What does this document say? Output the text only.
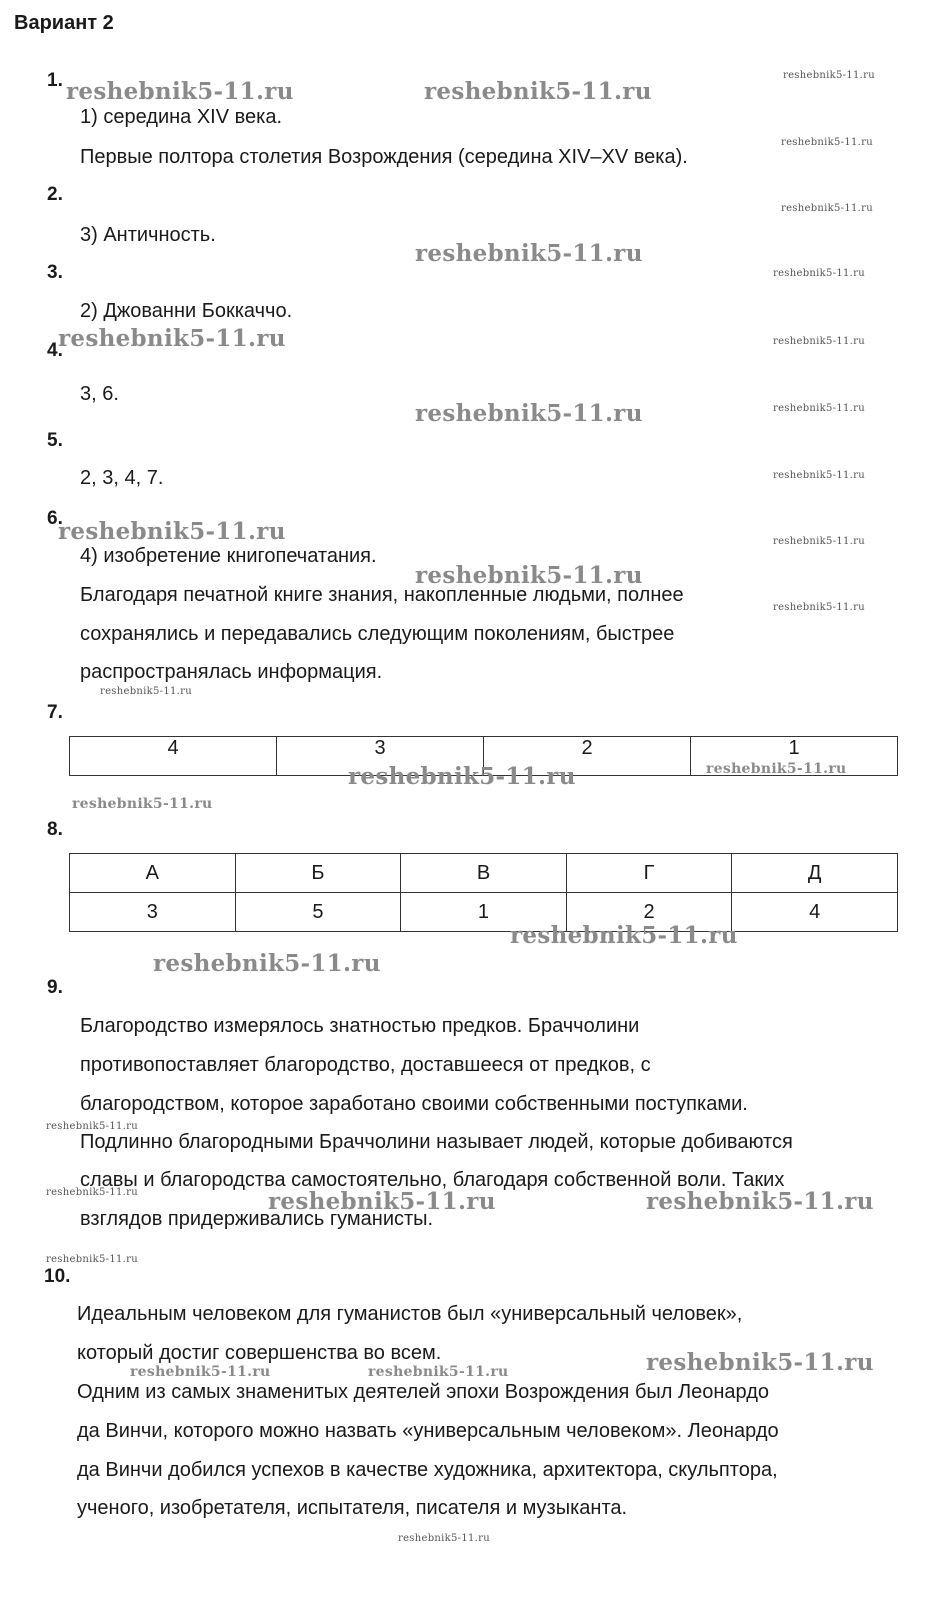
Вариант 2
1.
1) середина XIV века.
Первые полтора столетия Возрождения (середина XIV–XV века).
2.
3) Античность.
3.
2) Джованни Боккаччо.
4.
3, 6.
5.
2, 3, 4, 7.
6.
4) изобретение книгопечатания.
Благодаря печатной книге знания, накопленные людьми, полнее
сохранялись и передавались следующим поколениям, быстрее
распространялась информация.
7.
4	3	2	1
8.
А	Б	В	Г	Д
3	5	1	2	4
9.
Благородство измерялось знатностью предков. Браччолини
противопоставляет благородство, доставшееся от предков, с
благородством, которое заработано своими собственными поступками.
Подлинно благородными Браччолини называет людей, которые добиваются
славы и благородства самостоятельно, благодаря собственной воли. Таких
взглядов придерживались гуманисты.
10.
Идеальным человеком для гуманистов был «универсальный человек»,
который достиг совершенства во всем.
Одним из самых знаменитых деятелей эпохи Возрождения был Леонардо
да Винчи, которого можно назвать «универсальным человеком». Леонардо
да Винчи добился успехов в качестве художника, архитектора, скульптора,
ученого, изобретателя, испытателя, писателя и музыканта.
reshebnik5-11.ru	reshebnik5-11.ru
reshebnik5-11.ru
reshebnik5-11.ru
reshebnik5-11.ru
reshebnik5-11.ru
reshebnik5-11.ru
reshebnik5-11.ru	reshebnik5-11.ru
reshebnik5-11.ru	reshebnik5-11.ru
reshebnik5-11.ru
reshebnik5-11.ru	reshebnik5-11.ru
reshebnik5-11.ru
reshebnik5-11.ru
reshebnik5-11.ru
reshebnik5-11.ru	reshebnik5-11.ru
reshebnik5-11.ru
reshebnik5-11.ru
reshebnik5-11.ru
reshebnik5-11.ru
reshebnik5-11.ru	reshebnik5-11.ru	reshebnik5-11.ru
reshebnik5-11.ru
reshebnik5-11.ru
reshebnik5-11.ru	reshebnik5-11.ru
reshebnik5-11.ru
